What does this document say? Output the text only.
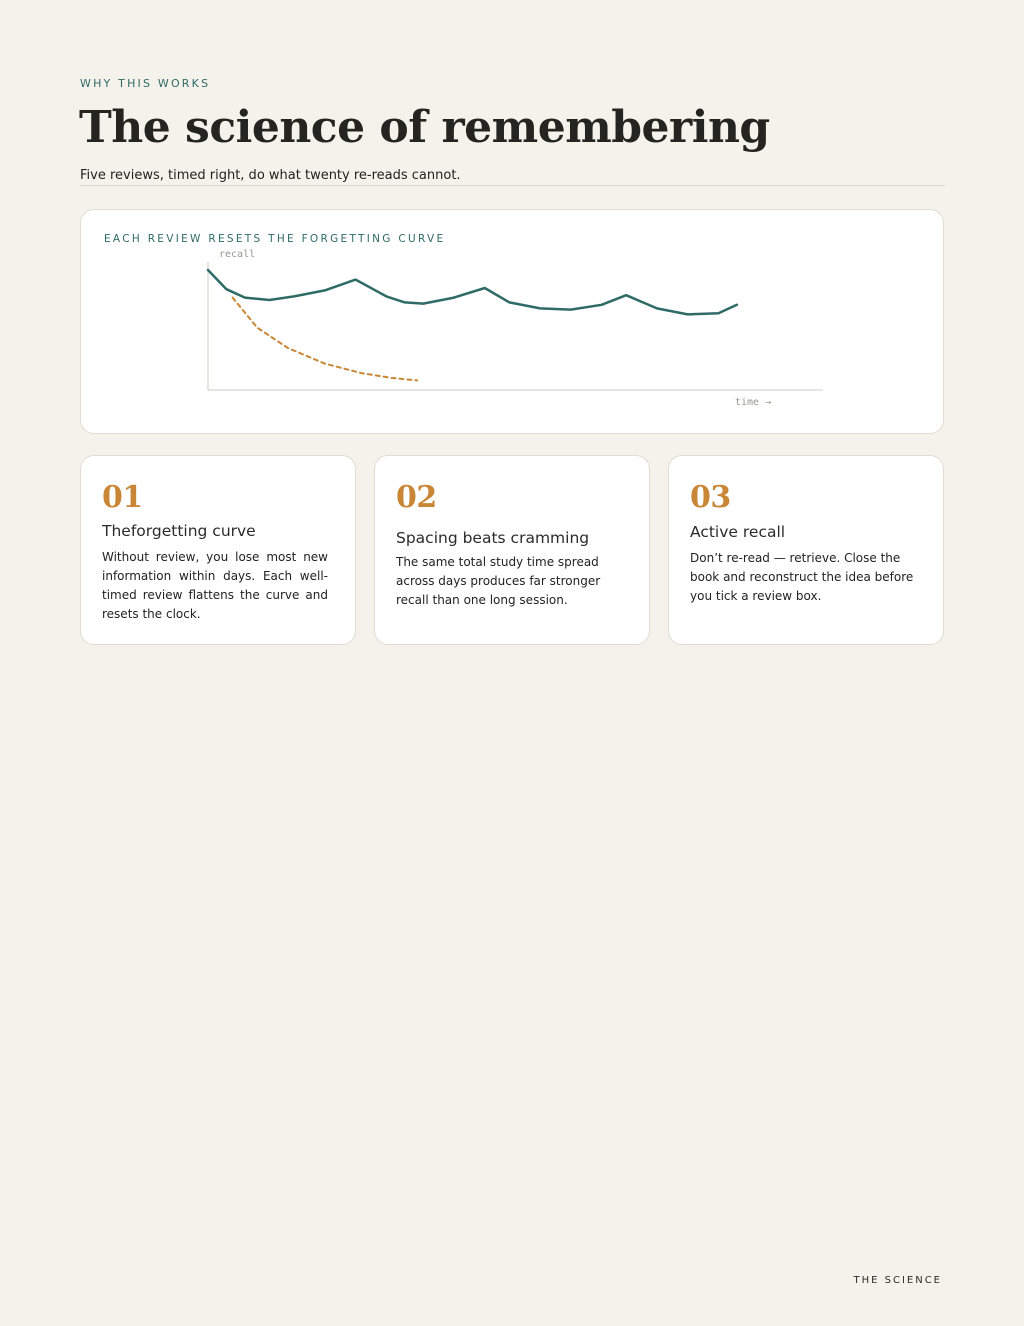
WHY THIS WORKS
The science of remembering
Five reviews, timed right, do what twenty re-reads cannot.
EACH REVIEW RESETS THE FORGETTING CURVE
recall
time →
01
Theforgetting curve
Without review, you lose most new information within days. Each well-timed review flattens the curve and resets the clock.
02
Spacing beats cramming
The same total study time spread across days produces far stronger recall than one long session.
03
Active recall
Don’t re-read — retrieve. Close the book and reconstruct the idea before you tick a review box.
THE SCIENCE
